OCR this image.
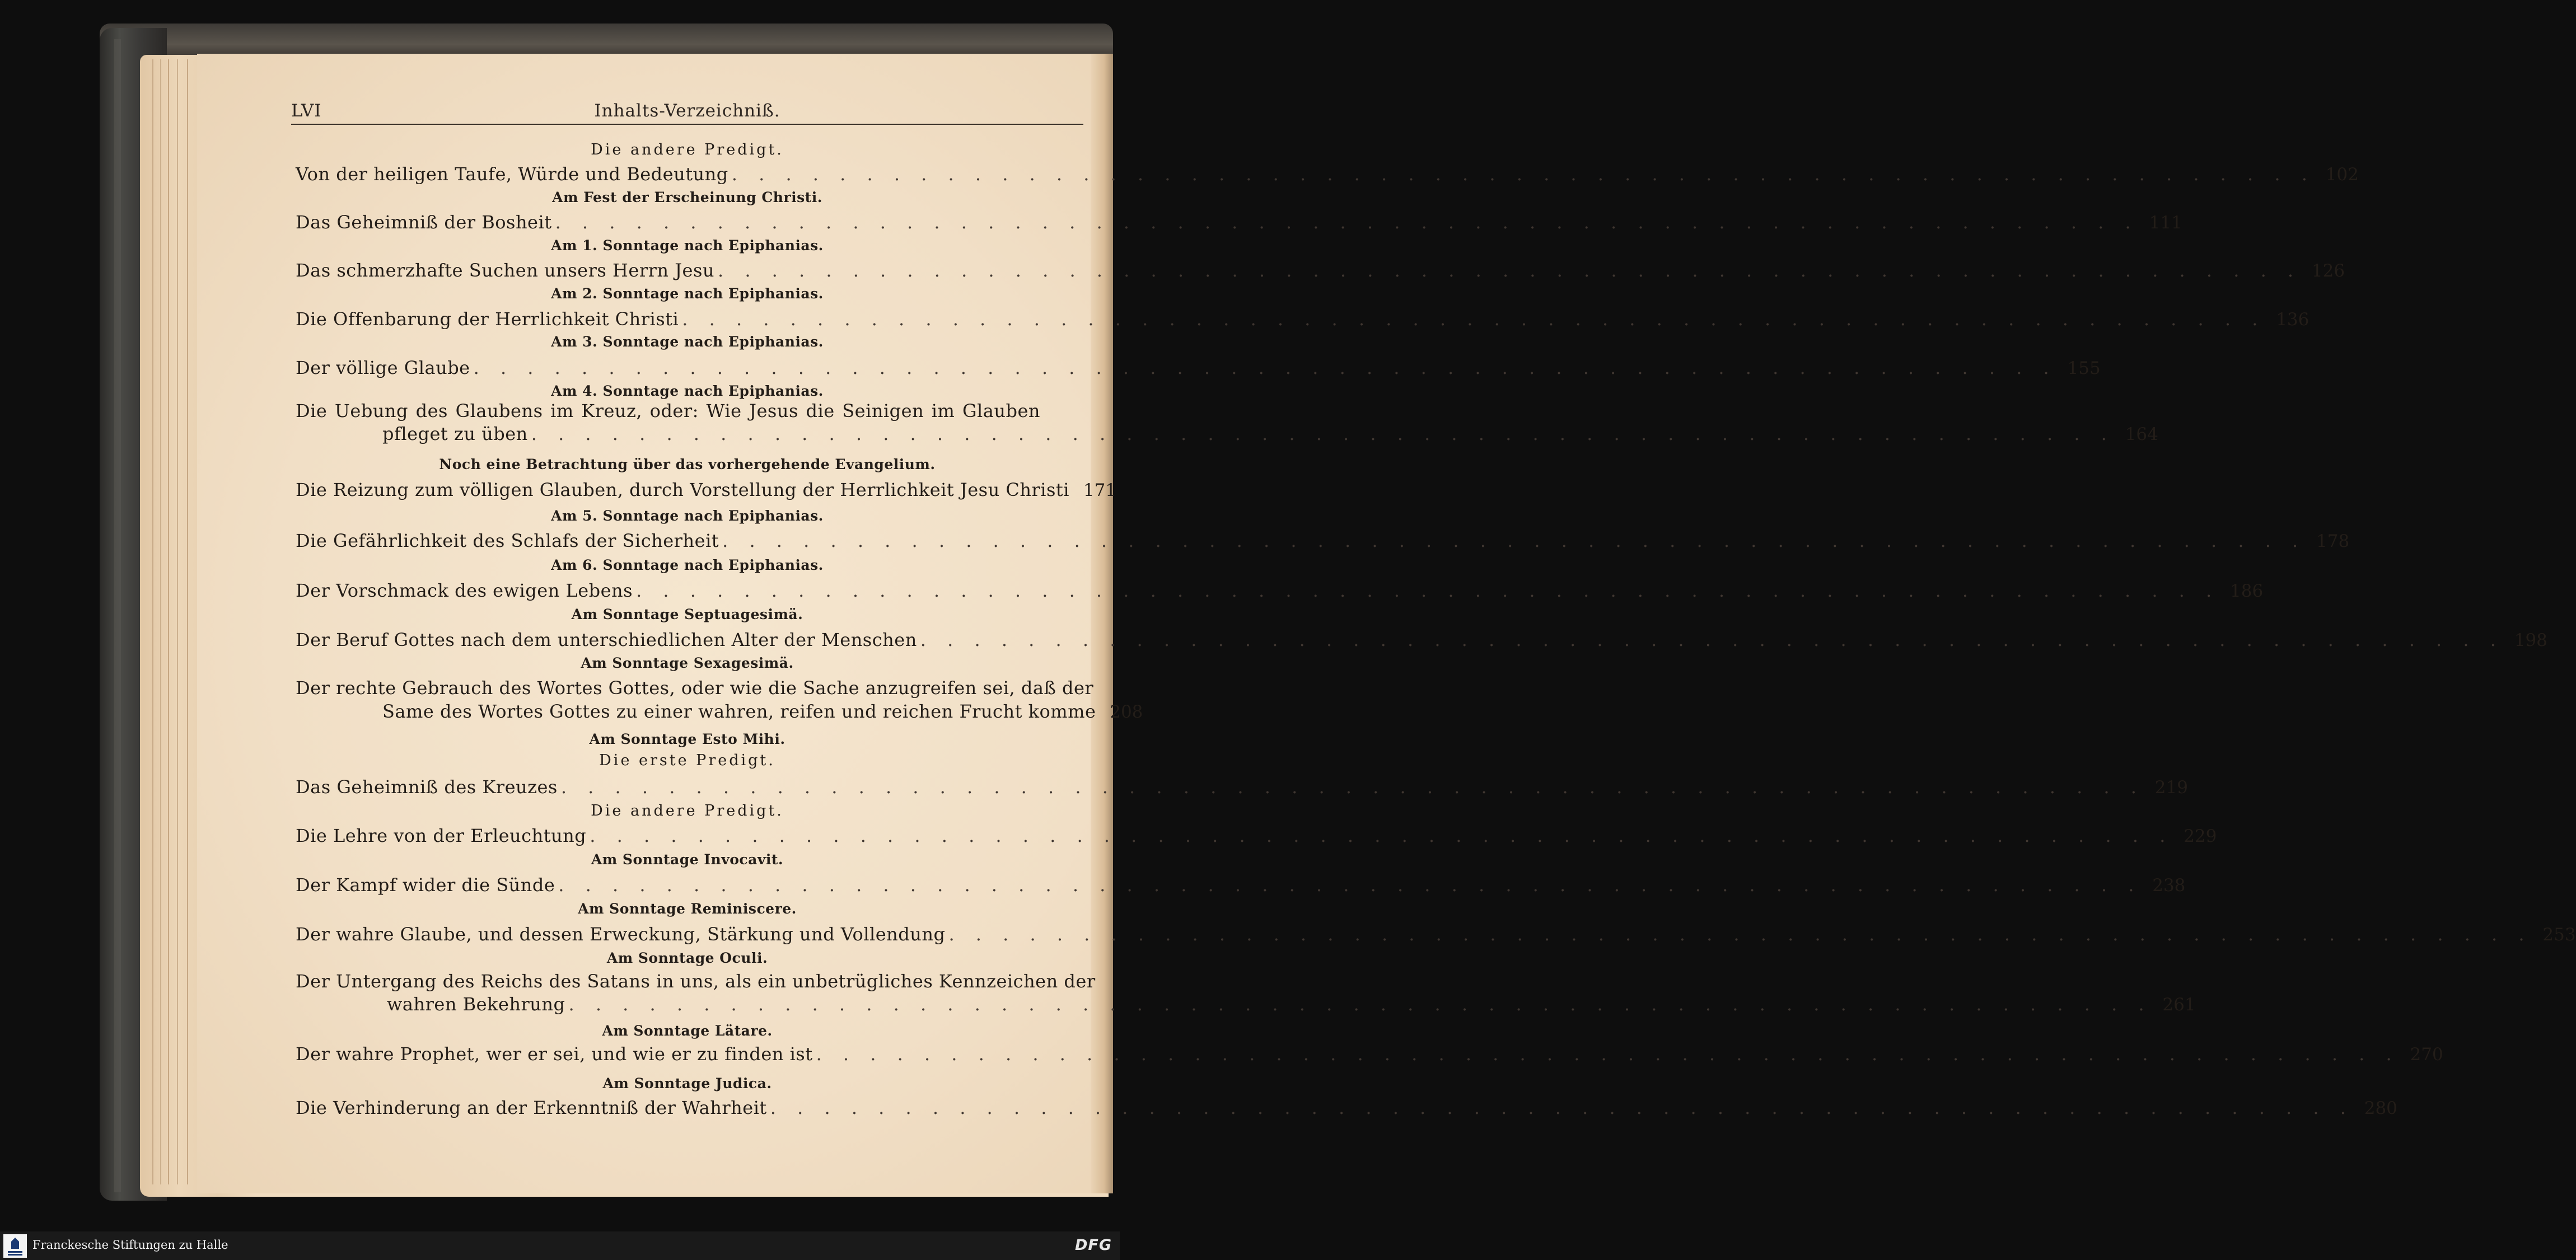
LVI	Inhalts-Verzeichniß.
Die andere Predigt.
Von der heiligen Taufe, Würde und Bedeutung . . .	102
Am Fest der Erscheinung Christi.
Das Geheimniß der Bosheit . . .	111
Am 1. Sonntage nach Epiphanias.
Das schmerzhafte Suchen unsers Herrn Jesu . . .	126
Am 2. Sonntage nach Epiphanias.
Die Offenbarung der Herrlichkeit Christi . . .	136
Am 3. Sonntage nach Epiphanias.
Der völlige Glaube . . .	155
Am 4. Sonntage nach Epiphanias.
Die Uebung des Glaubens im Kreuz, oder: Wie Jesus die Seinigen im Glauben
pfleget zu üben . . .	164
Noch eine Betrachtung über das vorhergehende Evangelium.
Die Reizung zum völligen Glauben, durch Vorstellung der Herrlichkeit Jesu Christi 171
Am 5. Sonntage nach Epiphanias.
Die Gefährlichkeit des Schlafs der Sicherheit . . .	178
Am 6. Sonntage nach Epiphanias.
Der Vorschmack des ewigen Lebens . . .	186
Am Sonntage Septuagesimä.
Der Beruf Gottes nach dem unterschiedlichen Alter der Menschen . . .	198
Am Sonntage Sexagesimä.
Der rechte Gebrauch des Wortes Gottes, oder wie die Sache anzugreifen sei, daß der
Same des Wortes Gottes zu einer wahren, reifen und reichen Frucht komme 208
Am Sonntage Esto Mihi.
Die erste Predigt.
Das Geheimniß des Kreuzes . . .	219
Die andere Predigt.
Die Lehre von der Erleuchtung . . .	229
Am Sonntage Invocavit.
Der Kampf wider die Sünde . . .	238
Am Sonntage Reminiscere.
Der wahre Glaube, und dessen Erweckung, Stärkung und Vollendung . . .	253
Am Sonntage Oculi.
Der Untergang des Reichs des Satans in uns, als ein unbetrügliches Kennzeichen der
wahren Bekehrung . . .	261
Am Sonntage Lätare.
Der wahre Prophet, wer er sei, und wie er zu finden ist . . .	270
Am Sonntage Judica.
Die Verhinderung an der Erkenntniß der Wahrheit . . .	280
Franckesche Stiftungen zu Halle	DFG
